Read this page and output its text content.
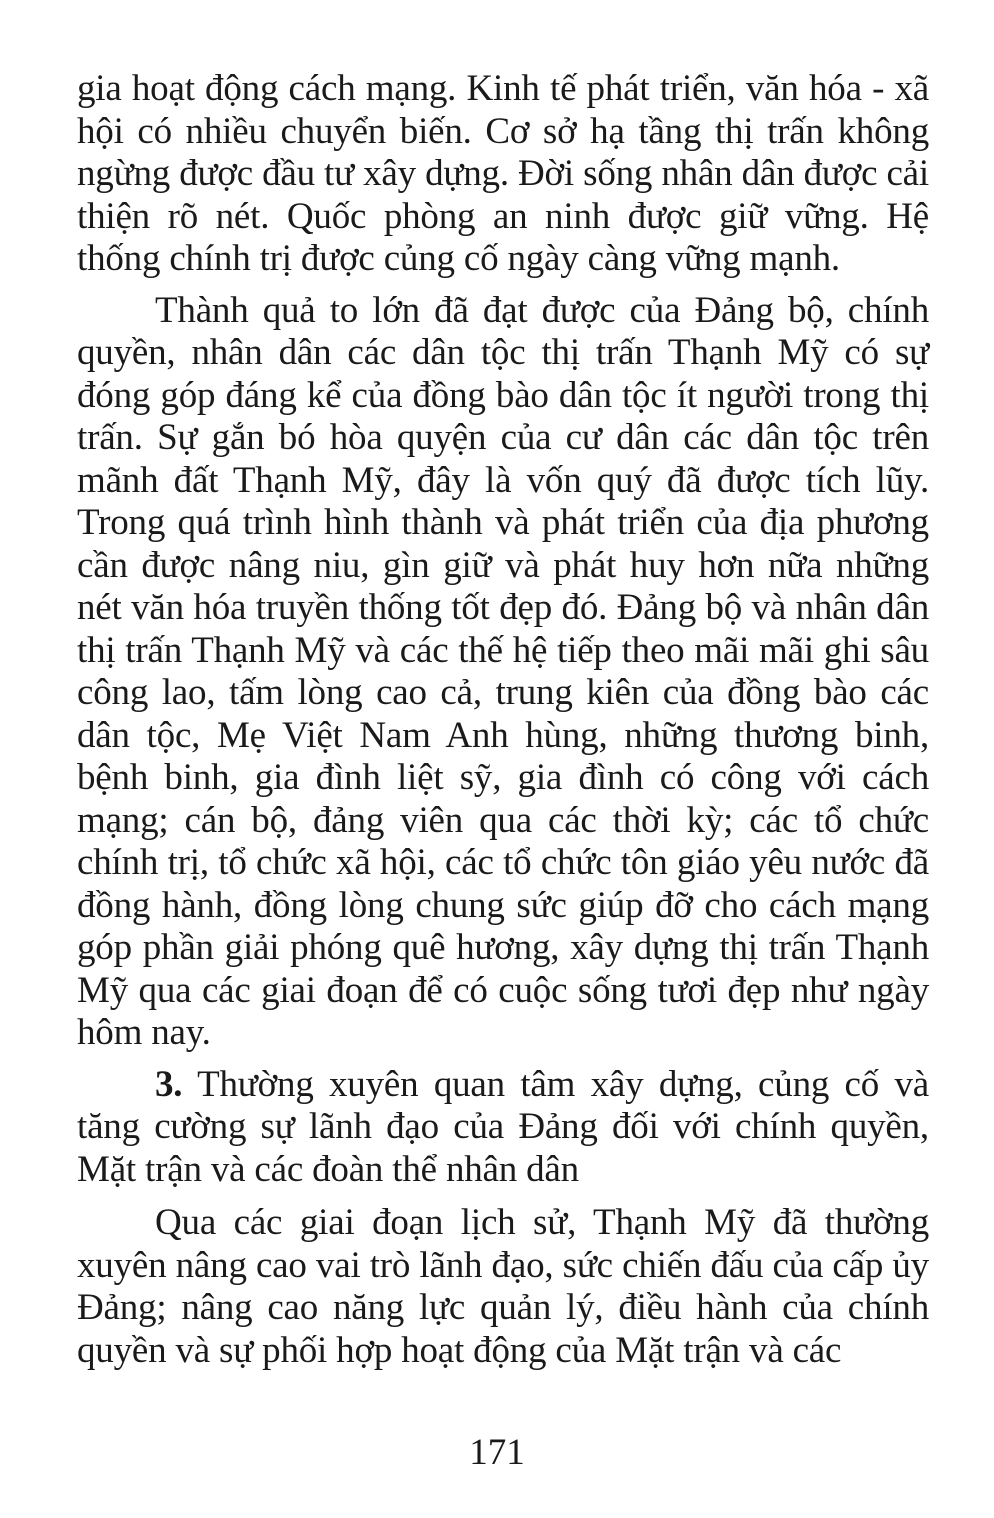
gia hoạt động cách mạng. Kinh tế phát triển, văn hóa - xã hội có nhiều chuyển biến. Cơ sở hạ tầng thị trấn không ngừng được đầu tư xây dựng. Đời sống nhân dân được cải thiện rõ nét. Quốc phòng an ninh được giữ vững. Hệ thống chính trị được củng cố ngày càng vững mạnh.

Thành quả to lớn đã đạt được của Đảng bộ, chính quyền, nhân dân các dân tộc thị trấn Thạnh Mỹ có sự đóng góp đáng kể của đồng bào dân tộc ít người trong thị trấn. Sự gắn bó hòa quyện của cư dân các dân tộc trên mãnh đất Thạnh Mỹ, đây là vốn quý đã được tích lũy. Trong quá trình hình thành và phát triển của địa phương cần được nâng niu, gìn giữ và phát huy hơn nữa những nét văn hóa truyền thống tốt đẹp đó. Đảng bộ và nhân dân thị trấn Thạnh Mỹ và các thế hệ tiếp theo mãi mãi ghi sâu công lao, tấm lòng cao cả, trung kiên của đồng bào các dân tộc, Mẹ Việt Nam Anh hùng, những thương binh, bệnh binh, gia đình liệt sỹ, gia đình có công với cách mạng; cán bộ, đảng viên qua các thời kỳ; các tổ chức chính trị, tổ chức xã hội, các tổ chức tôn giáo yêu nước đã đồng hành, đồng lòng chung sức giúp đỡ cho cách mạng góp phần giải phóng quê hương, xây dựng thị trấn Thạnh Mỹ qua các giai đoạn để có cuộc sống tươi đẹp như ngày hôm nay.

3. Thường xuyên quan tâm xây dựng, củng cố và tăng cường sự lãnh đạo của Đảng đối với chính quyền, Mặt trận và các đoàn thể nhân dân

Qua các giai đoạn lịch sử, Thạnh Mỹ đã thường xuyên nâng cao vai trò lãnh đạo, sức chiến đấu của cấp ủy Đảng; nâng cao năng lực quản lý, điều hành của chính quyền và sự phối hợp hoạt động của Mặt trận và các

171
